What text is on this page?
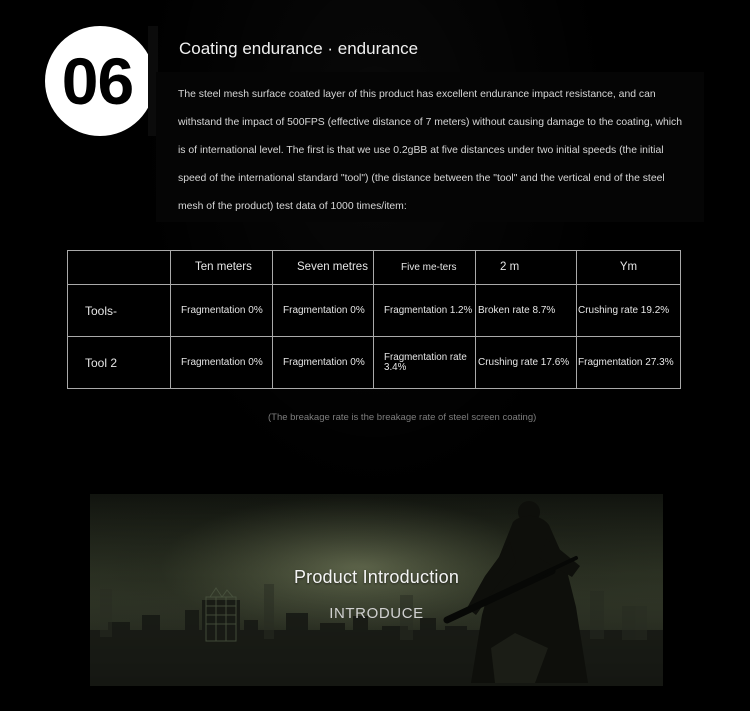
06	Coating endurance · endurance
The steel mesh surface coated layer of this product has excellent endurance impact resistance, and can withstand the impact of 500FPS (effective distance of 7 meters) without causing damage to the coating, which is of international level. The first is that we use 0.2gBB at five distances under two initial speeds (the initial speed of the international standard "tool") (the distance between the "tool" and the vertical end of the steel mesh of the product) test data of 1000 times/item:
	Ten meters	Seven metres	Five me-ters	2 m	Ym
Tools-	Fragmentation 0%	Fragmentation 0%	Fragmentation 1.2%	Broken rate 8.7%	Crushing rate 19.2%
Tool 2	Fragmentation 0%	Fragmentation 0%	Fragmentation rate 3.4%	Crushing rate 17.6%	Fragmentation 27.3%
(The breakage rate is the breakage rate of steel screen coating)
Product Introduction
INTRODUCE
